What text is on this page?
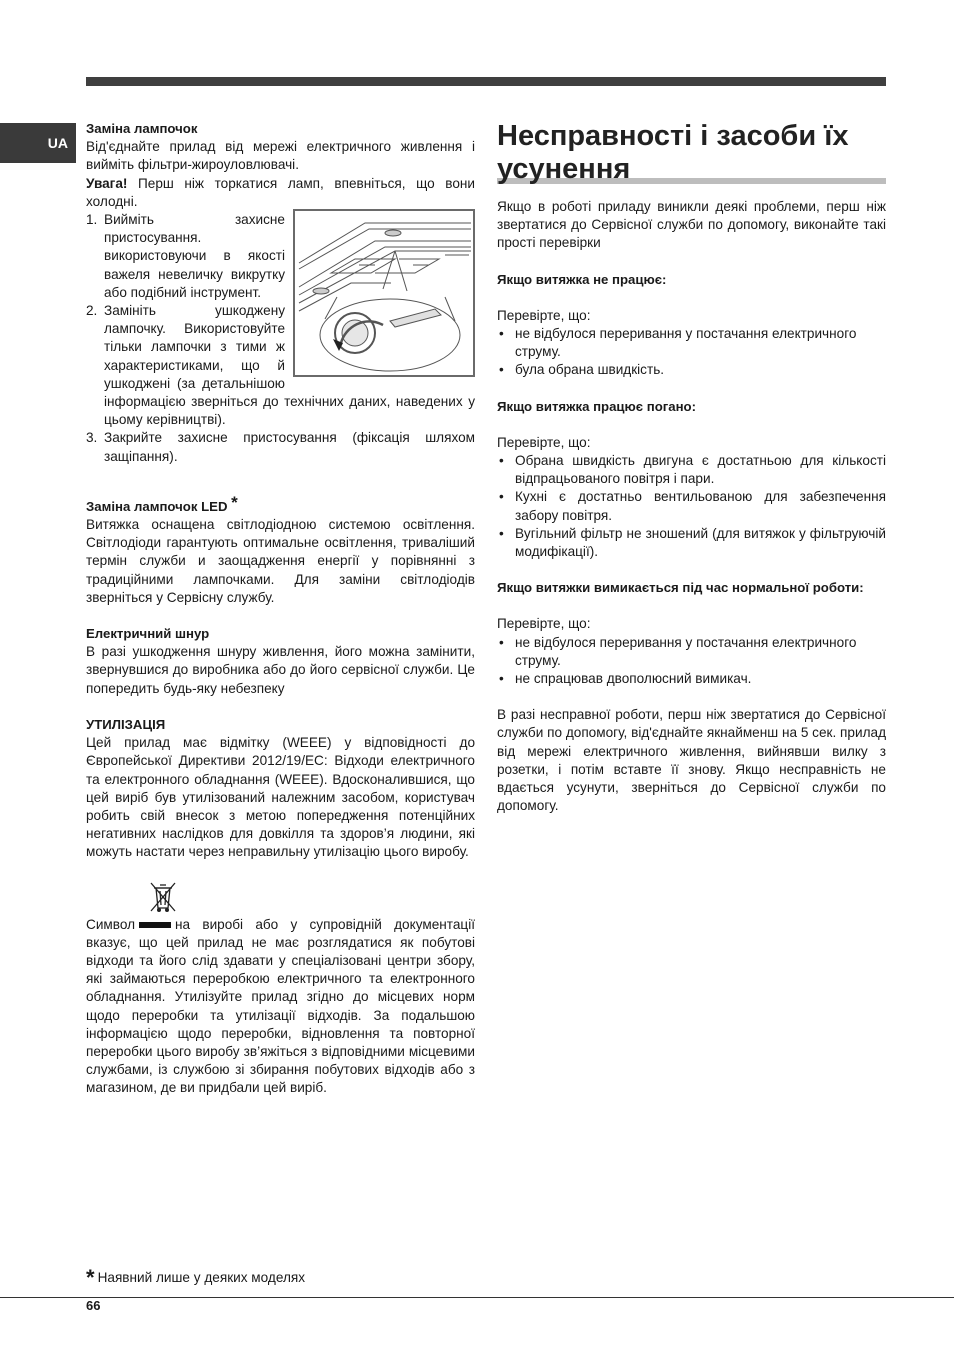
UA

Заміна лампочок

Від'єднайте прилад від мережі електричного живлення і вийміть фільтри-жироуловлювачі.

Увага! Перш ніж торкатися ламп, впевніться, що вони холодні.

1. Вийміть захисне пристосування. використовуючи в якості важеля невеличку викрутку або подібний інструмент.
2. Замініть ушкоджену лампочку. Використовуйте тільки лампочки з тими ж характеристиками, що й ушкоджені (за детальнішою інформацією зверніться до технічних даних, наведених у цьому керівництві).
3. Закрийте захисне пристосування (фіксація шляхом защіпання).

Заміна лампочок LED *

Витяжка оснащена світлодіодною системою освітлення. Світлодіоди гарантують оптимальне освітлення, триваліший термін служби и заощадження енергії у порівнянні з традиційними лампочками. Для заміни світлодіодів зверніться у Сервісну службу.

Електричний шнур

В разі ушкодження шнуру живлення, його можна замінити, звернувшися до виробника або до його сервісної служби. Це попередить будь-яку небезпеку

УТИЛІЗАЦІЯ

Цей прилад має відмітку (WEEE) у відповідності до Європейської Директиви 2012/19/EC: Відходи електричного та електронного обладнання (WEEE). Вдосконалившися, що цей виріб був утилізований належним засобом, користувач робить свій внесок з метою попередження потенційних негативних наслідков для довкілля та здоров’я людини, які можуть настати через неправильну утилізацію цього виробу.

Символ	на виробі або у супровідній документації вказує, що цей прилад не має розглядатися як побутові відходи та його слід здавати у спеціалізовані центри збору, які займаються переробкою електричного та електронного обладнання. Утилізуйте прилад згідно до місцевих норм щодо переробки та утилізації відходів. За подальшою інформацією щодо переробки, відновлення та повторної переробки цього виробу зв’яжіться з відповідними місцевими службами, із службою зі збирання побутових відходів або з магазином, де ви придбали цей виріб.

Несправності і засоби їх усунення

Якщо в роботі приладу виникли деякі проблеми, перш ніж звертатися до Сервісної служби по допомогу, виконайте такі прості перевірки

Якщо витяжка не працює:

Перевірте, що:

• не відбулося переривання у постачання електричного струму.
• була обрана швидкість.

Якщо витяжка працює погано:

Перевірте, що:

• Обрана швидкість двигуна є достатньою для кількості відпрацьованого повітря і пари.
• Кухні є достатньо вентильованою для забезпечення забору повітря.
• Вугільний фільтр не зношений (для витяжок у фільтруючій модифікації).

Якщо витяжки вимикається під час нормальної роботи:

Перевірте, що:

• не відбулося переривання у постачання електричного струму.
• не спрацював двополюсний вимикач.

В разі несправної роботи, перш ніж звертатися до Сервісної служби по допомогу, від'єднайте якнайменш на 5 сек. прилад від мережі електричного живлення, вийнявши вилку з розетки, і потім вставте її знову. Якщо несправність не вдається усунути, зверніться до Сервісної служби по допомогу.

* Наявний лише у деяких моделях
66
